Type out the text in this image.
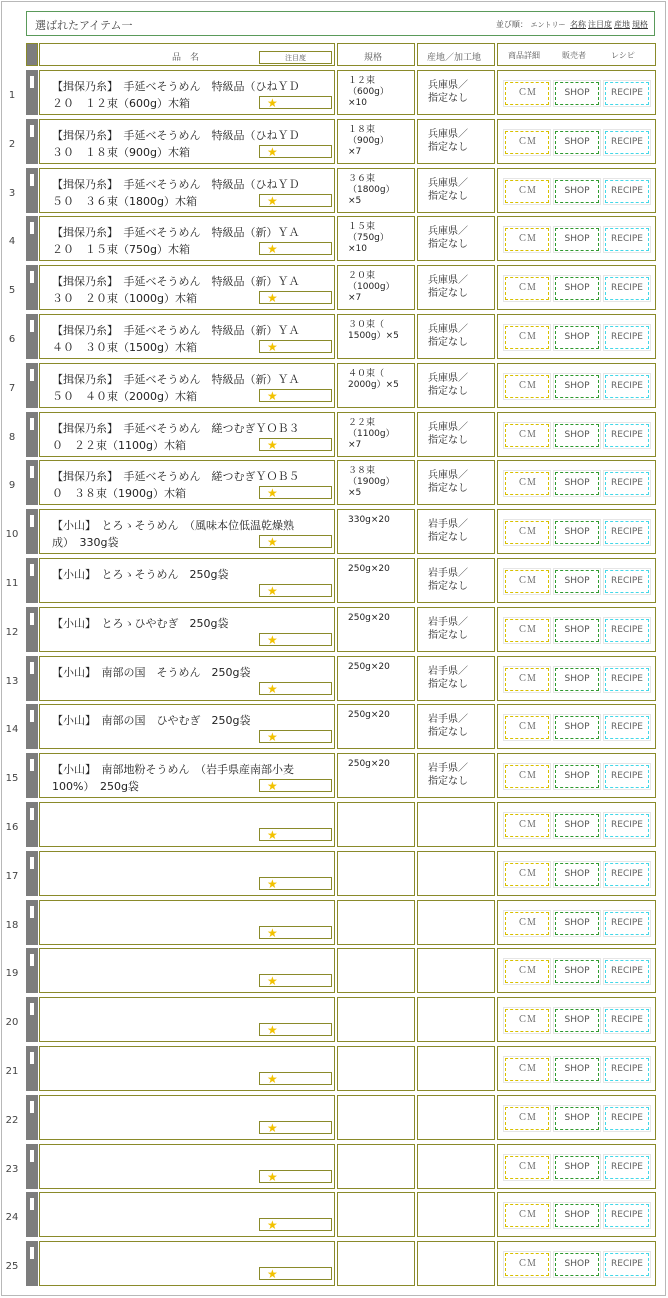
選ばれたアイテム一	並び順： エントリー 名称 注目度 産地 規格
品　名	注目度	規格	産地／加工地	商品詳細	販売者	レシピ
1
【揖保乃糸】　手延べそうめん　特級品（ひねＹＤ
２０　１２束（600g）木箱	★
１２束
（600g）
×10
兵庫県／
指定なし	ＣＭ	SHOP	RECIPE
2
【揖保乃糸】　手延べそうめん　特級品（ひねＹＤ
３０　１８束（900g）木箱	★
１８束
（900g）
×7
兵庫県／
指定なし	ＣＭ	SHOP	RECIPE
3
【揖保乃糸】　手延べそうめん　特級品（ひねＹＤ
５０　３６束（1800g）木箱	★
３６束
（1800g）
×5
兵庫県／
指定なし	ＣＭ	SHOP	RECIPE
4
【揖保乃糸】　手延べそうめん　特級品（新）ＹＡ
２０　１５束（750g）木箱	★
１５束
（750g）
×10
兵庫県／
指定なし	ＣＭ	SHOP	RECIPE
5
【揖保乃糸】　手延べそうめん　特級品（新）ＹＡ
３０　２０束（1000g）木箱	★
２０束
（1000g）
×7
兵庫県／
指定なし	ＣＭ	SHOP	RECIPE
6
【揖保乃糸】　手延べそうめん　特級品（新）ＹＡ
４０　３０束（1500g）木箱	★
３０束（
1500g）×5
兵庫県／
指定なし	ＣＭ	SHOP	RECIPE
7
【揖保乃糸】　手延べそうめん　特級品（新）ＹＡ
５０　４０束（2000g）木箱	★
４０束（
2000g）×5
兵庫県／
指定なし	ＣＭ	SHOP	RECIPE
8
【揖保乃糸】　手延べそうめん　縒つむぎＹＯＢ３
０　２２束（1100g）木箱	★
２２束
（1100g）
×7
兵庫県／
指定なし	ＣＭ	SHOP	RECIPE
9
【揖保乃糸】　手延べそうめん　縒つむぎＹＯＢ５
０　３８束（1900g）木箱	★
３８束
（1900g）
×5
兵庫県／
指定なし	ＣＭ	SHOP	RECIPE
10
【小山】　とろゝそうめん　（風味本位低温乾燥熟
成）　330g袋	★
330g×20	岩手県／
指定なし	ＣＭ	SHOP	RECIPE
11
【小山】　とろゝそうめん　250g袋
★
250g×20	岩手県／
指定なし	ＣＭ	SHOP	RECIPE
12
【小山】　とろゝひやむぎ　250g袋
★
250g×20	岩手県／
指定なし	ＣＭ	SHOP	RECIPE
13
【小山】　南部の国　そうめん　250g袋
★
250g×20	岩手県／
指定なし	ＣＭ	SHOP	RECIPE
14
【小山】　南部の国　ひやむぎ　250g袋
★
250g×20	岩手県／
指定なし	ＣＭ	SHOP	RECIPE
15
【小山】　南部地粉そうめん　（岩手県産南部小麦
100%）　250g袋	★
250g×20	岩手県／
指定なし	ＣＭ	SHOP	RECIPE
16
★
ＣＭ	SHOP	RECIPE
17
★
ＣＭ	SHOP	RECIPE
18
★
ＣＭ	SHOP	RECIPE
19
★
ＣＭ	SHOP	RECIPE
20
★
ＣＭ	SHOP	RECIPE
21
★
ＣＭ	SHOP	RECIPE
22
★
ＣＭ	SHOP	RECIPE
23
★
ＣＭ	SHOP	RECIPE
24
★
ＣＭ	SHOP	RECIPE
25
★
ＣＭ	SHOP	RECIPE
